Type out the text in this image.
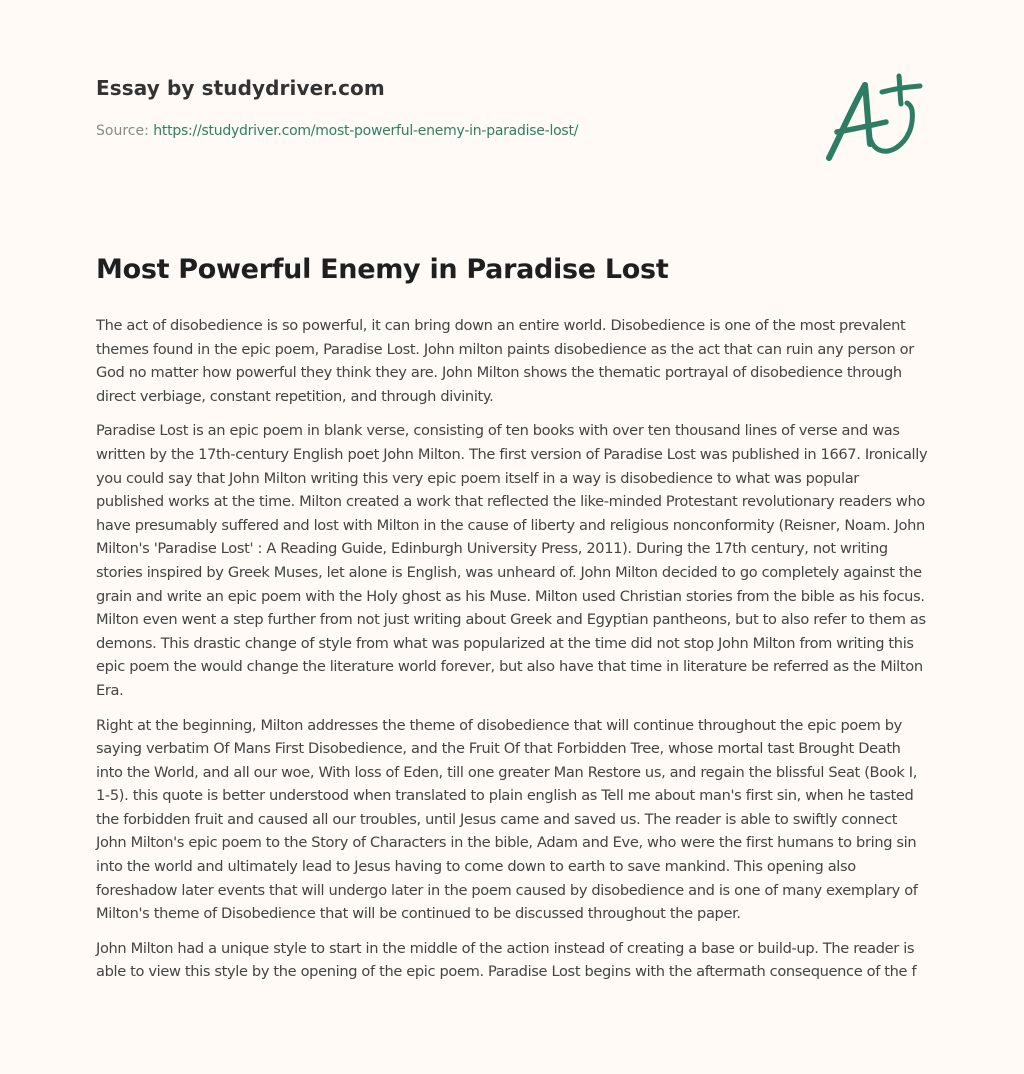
Essay by studydriver.com
Source: https://studydriver.com/most-powerful-enemy-in-paradise-lost/
Most Powerful Enemy in Paradise Lost

The act of disobedience is so powerful, it can bring down an entire world. Disobedience is one of the most prevalent themes found in the epic poem, Paradise Lost. John milton paints disobedience as the act that can ruin any person or God no matter how powerful they think they are. John Milton shows the thematic portrayal of disobedience through direct verbiage, constant repetition, and through divinity.

Paradise Lost is an epic poem in blank verse, consisting of ten books with over ten thousand lines of verse and was written by the 17th-century English poet John Milton. The first version of Paradise Lost was published in 1667. Ironically you could say that John Milton writing this very epic poem itself in a way is disobedience to what was popular published works at the time. Milton created a work that reflected the like-minded Protestant revolutionary readers who have presumably suffered and lost with Milton in the cause of liberty and religious nonconformity (Reisner, Noam. John Milton's 'Paradise Lost' : A Reading Guide, Edinburgh University Press, 2011). During the 17th century, not writing stories inspired by Greek Muses, let alone is English, was unheard of. John Milton decided to go completely against the grain and write an epic poem with the Holy ghost as his Muse. Milton used Christian stories from the bible as his focus. Milton even went a step further from not just writing about Greek and Egyptian pantheons, but to also refer to them as demons. This drastic change of style from what was popularized at the time did not stop John Milton from writing this epic poem the would change the literature world forever, but also have that time in literature be referred as the Milton Era.

Right at the beginning, Milton addresses the theme of disobedience that will continue throughout the epic poem by saying verbatim Of Mans First Disobedience, and the Fruit Of that Forbidden Tree, whose mortal tast Brought Death into the World, and all our woe, With loss of Eden, till one greater Man Restore us, and regain the blissful Seat (Book I, 1-5). this quote is better understood when translated to plain english as Tell me about man's first sin, when he tasted the forbidden fruit and caused all our troubles, until Jesus came and saved us. The reader is able to swiftly connect John Milton's epic poem to the Story of Characters in the bible, Adam and Eve, who were the first humans to bring sin into the world and ultimately lead to Jesus having to come down to earth to save mankind. This opening also foreshadow later events that will undergo later in the poem caused by disobedience and is one of many exemplary of Milton's theme of Disobedience that will be continued to be discussed throughout the paper.

John Milton had a unique style to start in the middle of the action instead of creating a base or build-up. The reader is able to view this style by the opening of the epic poem. Paradise Lost begins with the aftermath consequence of the f
